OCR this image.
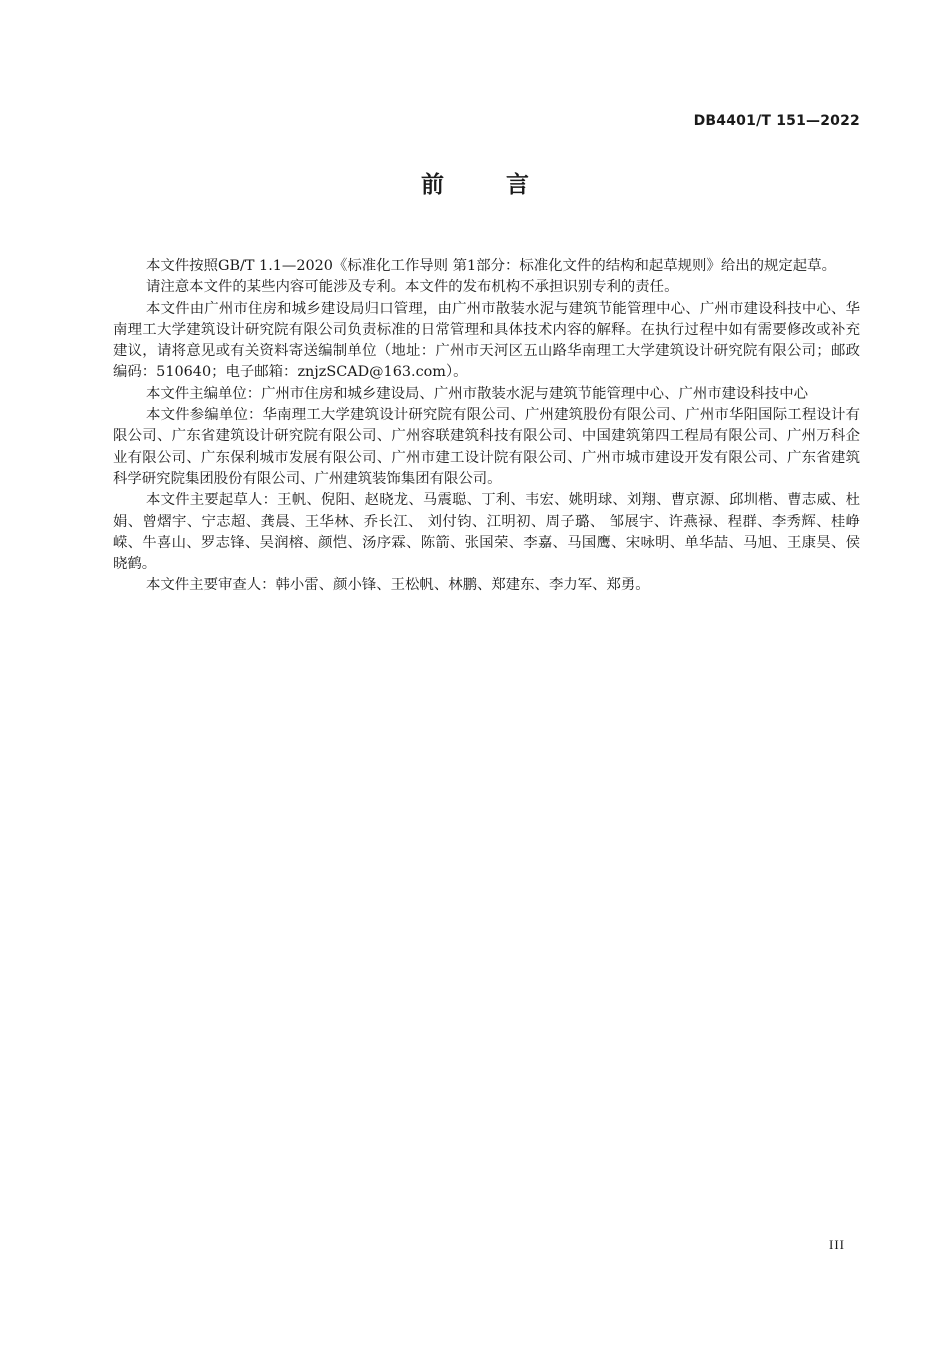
DB4401/T 151—2022
前	言

本文件按照GB/T 1.1—2020《标准化工作导则 第1部分：标准化文件的结构和起草规则》给出的规定起草。

请注意本文件的某些内容可能涉及专利。本文件的发布机构不承担识别专利的责任。

本文件由广州市住房和城乡建设局归口管理，由广州市散装水泥与建筑节能管理中心、广州市建设科技中心、华南理工大学建筑设计研究院有限公司负责标准的日常管理和具体技术内容的解释。在执行过程中如有需要修改或补充建议，请将意见或有关资料寄送编制单位（地址：广州市天河区五山路华南理工大学建筑设计研究院有限公司；邮政编码：510640；电子邮箱：znjzSCAD@163.com）。

本文件主编单位：广州市住房和城乡建设局、广州市散装水泥与建筑节能管理中心、广州市建设科技中心

本文件参编单位：华南理工大学建筑设计研究院有限公司、广州建筑股份有限公司、广州市华阳国际工程设计有限公司、广东省建筑设计研究院有限公司、广州容联建筑科技有限公司、中国建筑第四工程局有限公司、广州万科企业有限公司、广东保利城市发展有限公司、广州市建工设计院有限公司、广州市城市建设开发有限公司、广东省建筑科学研究院集团股份有限公司、广州建筑装饰集团有限公司。

本文件主要起草人：王帆、倪阳、赵晓龙、马震聪、丁利、韦宏、姚明球、刘翔、曹京源、邱圳楷、曹志威、杜娟、曾熠宇、宁志超、龚晨、王华林、乔长江、 刘付钧、江明初、周子璐、 邹展宇、许燕禄、程群、李秀辉、桂峥嵘、牛喜山、罗志锋、吴润榕、颜恺、汤序霖、陈箭、张国荣、李嘉、马国鹰、宋咏明、单华喆、马旭、王康昊、侯晓鹤。

本文件主要审查人：韩小雷、颜小锋、王松帆、林鹏、郑建东、李力军、郑勇。

III
